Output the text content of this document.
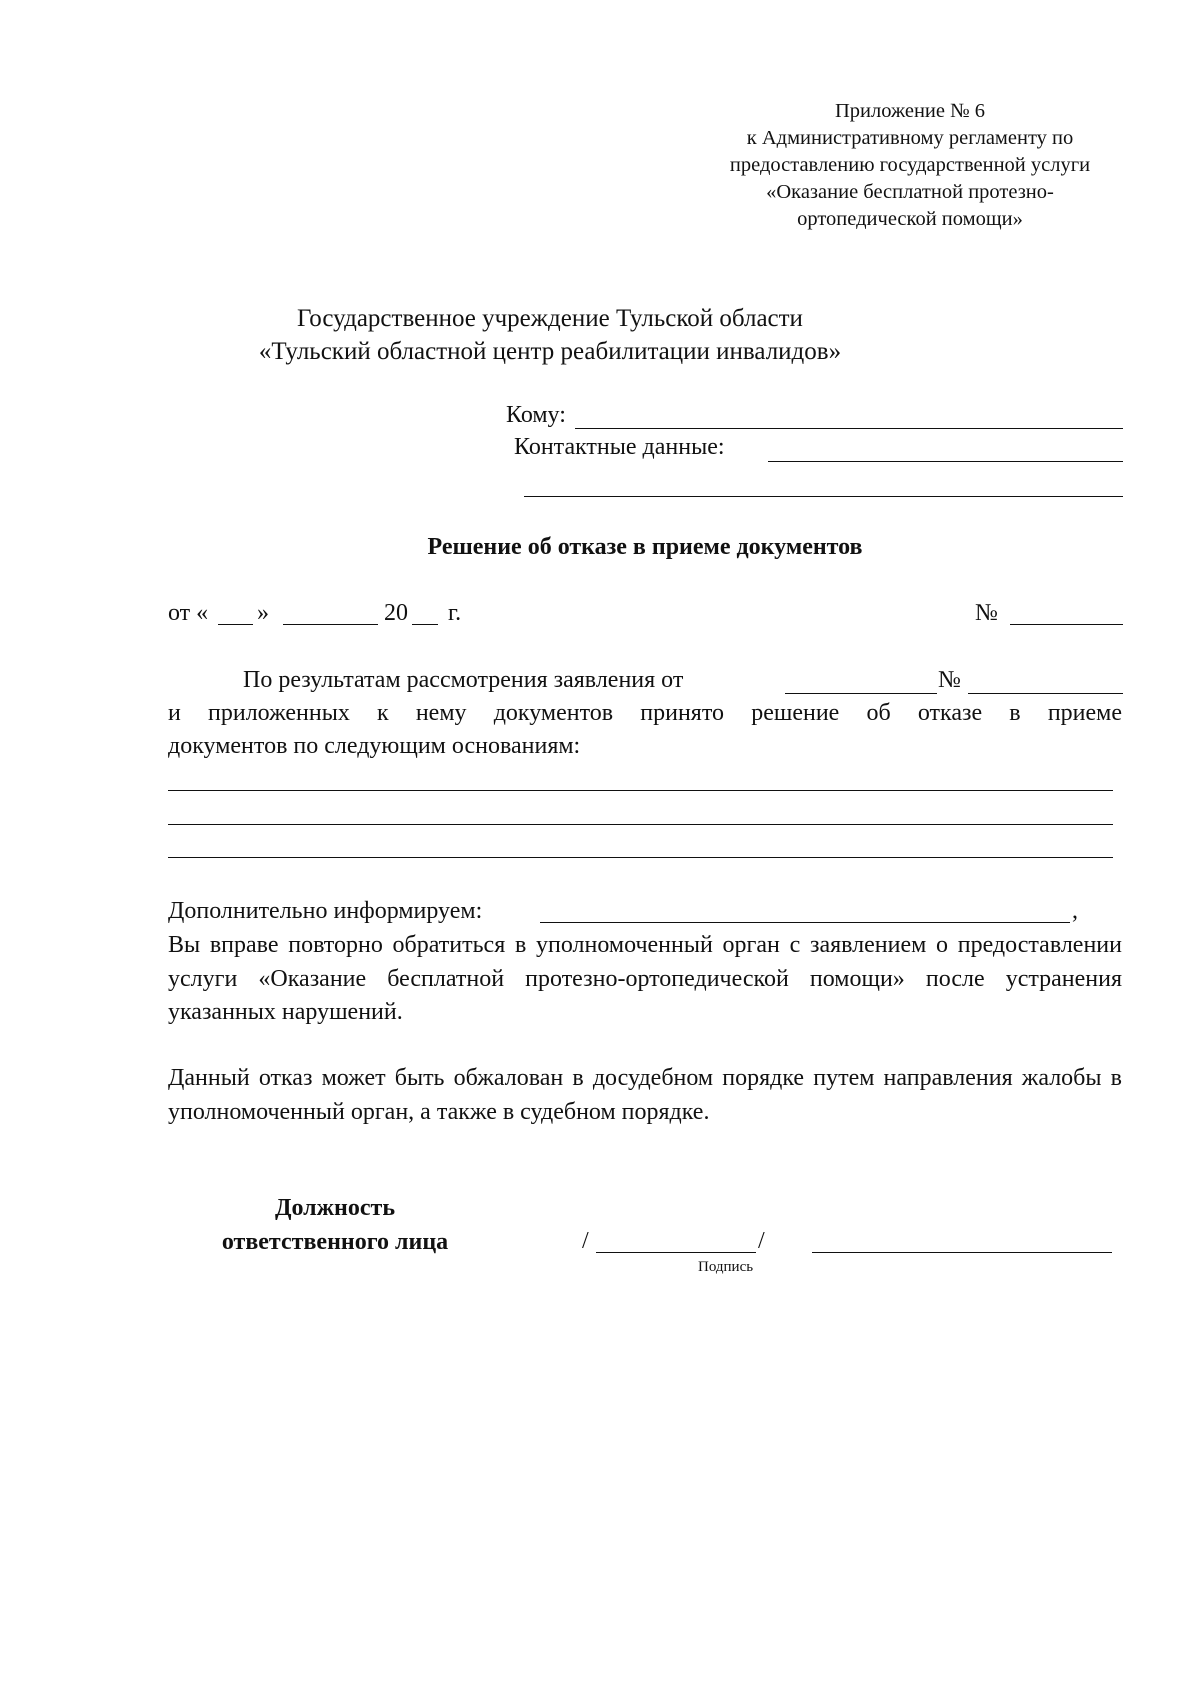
Приложение № 6
к Административному регламенту по
предоставлению государственной услуги
«Оказание бесплатной протезно-
ортопедической помощи»
Государственное учреждение Тульской области
«Тульский областной центр реабилитации инвалидов»
Кому:
Контактные данные:
Решение об отказе в приеме документов
от « »	20 г.	№
По результатам рассмотрения заявления от	№
и приложенных к нему документов принято решение об отказе в приеме
документов по следующим основаниям:
Дополнительно информируем:	,
Вы вправе повторно обратиться в уполномоченный орган с заявлением о предоставлении услуги «Оказание бесплатной протезно-ортопедической помощи» после устранения указанных нарушений.
Данный отказ может быть обжалован в досудебном порядке путем направления жалобы в уполномоченный орган, а также в судебном порядке.
Должность
ответственного лица	/	/
Подпись
